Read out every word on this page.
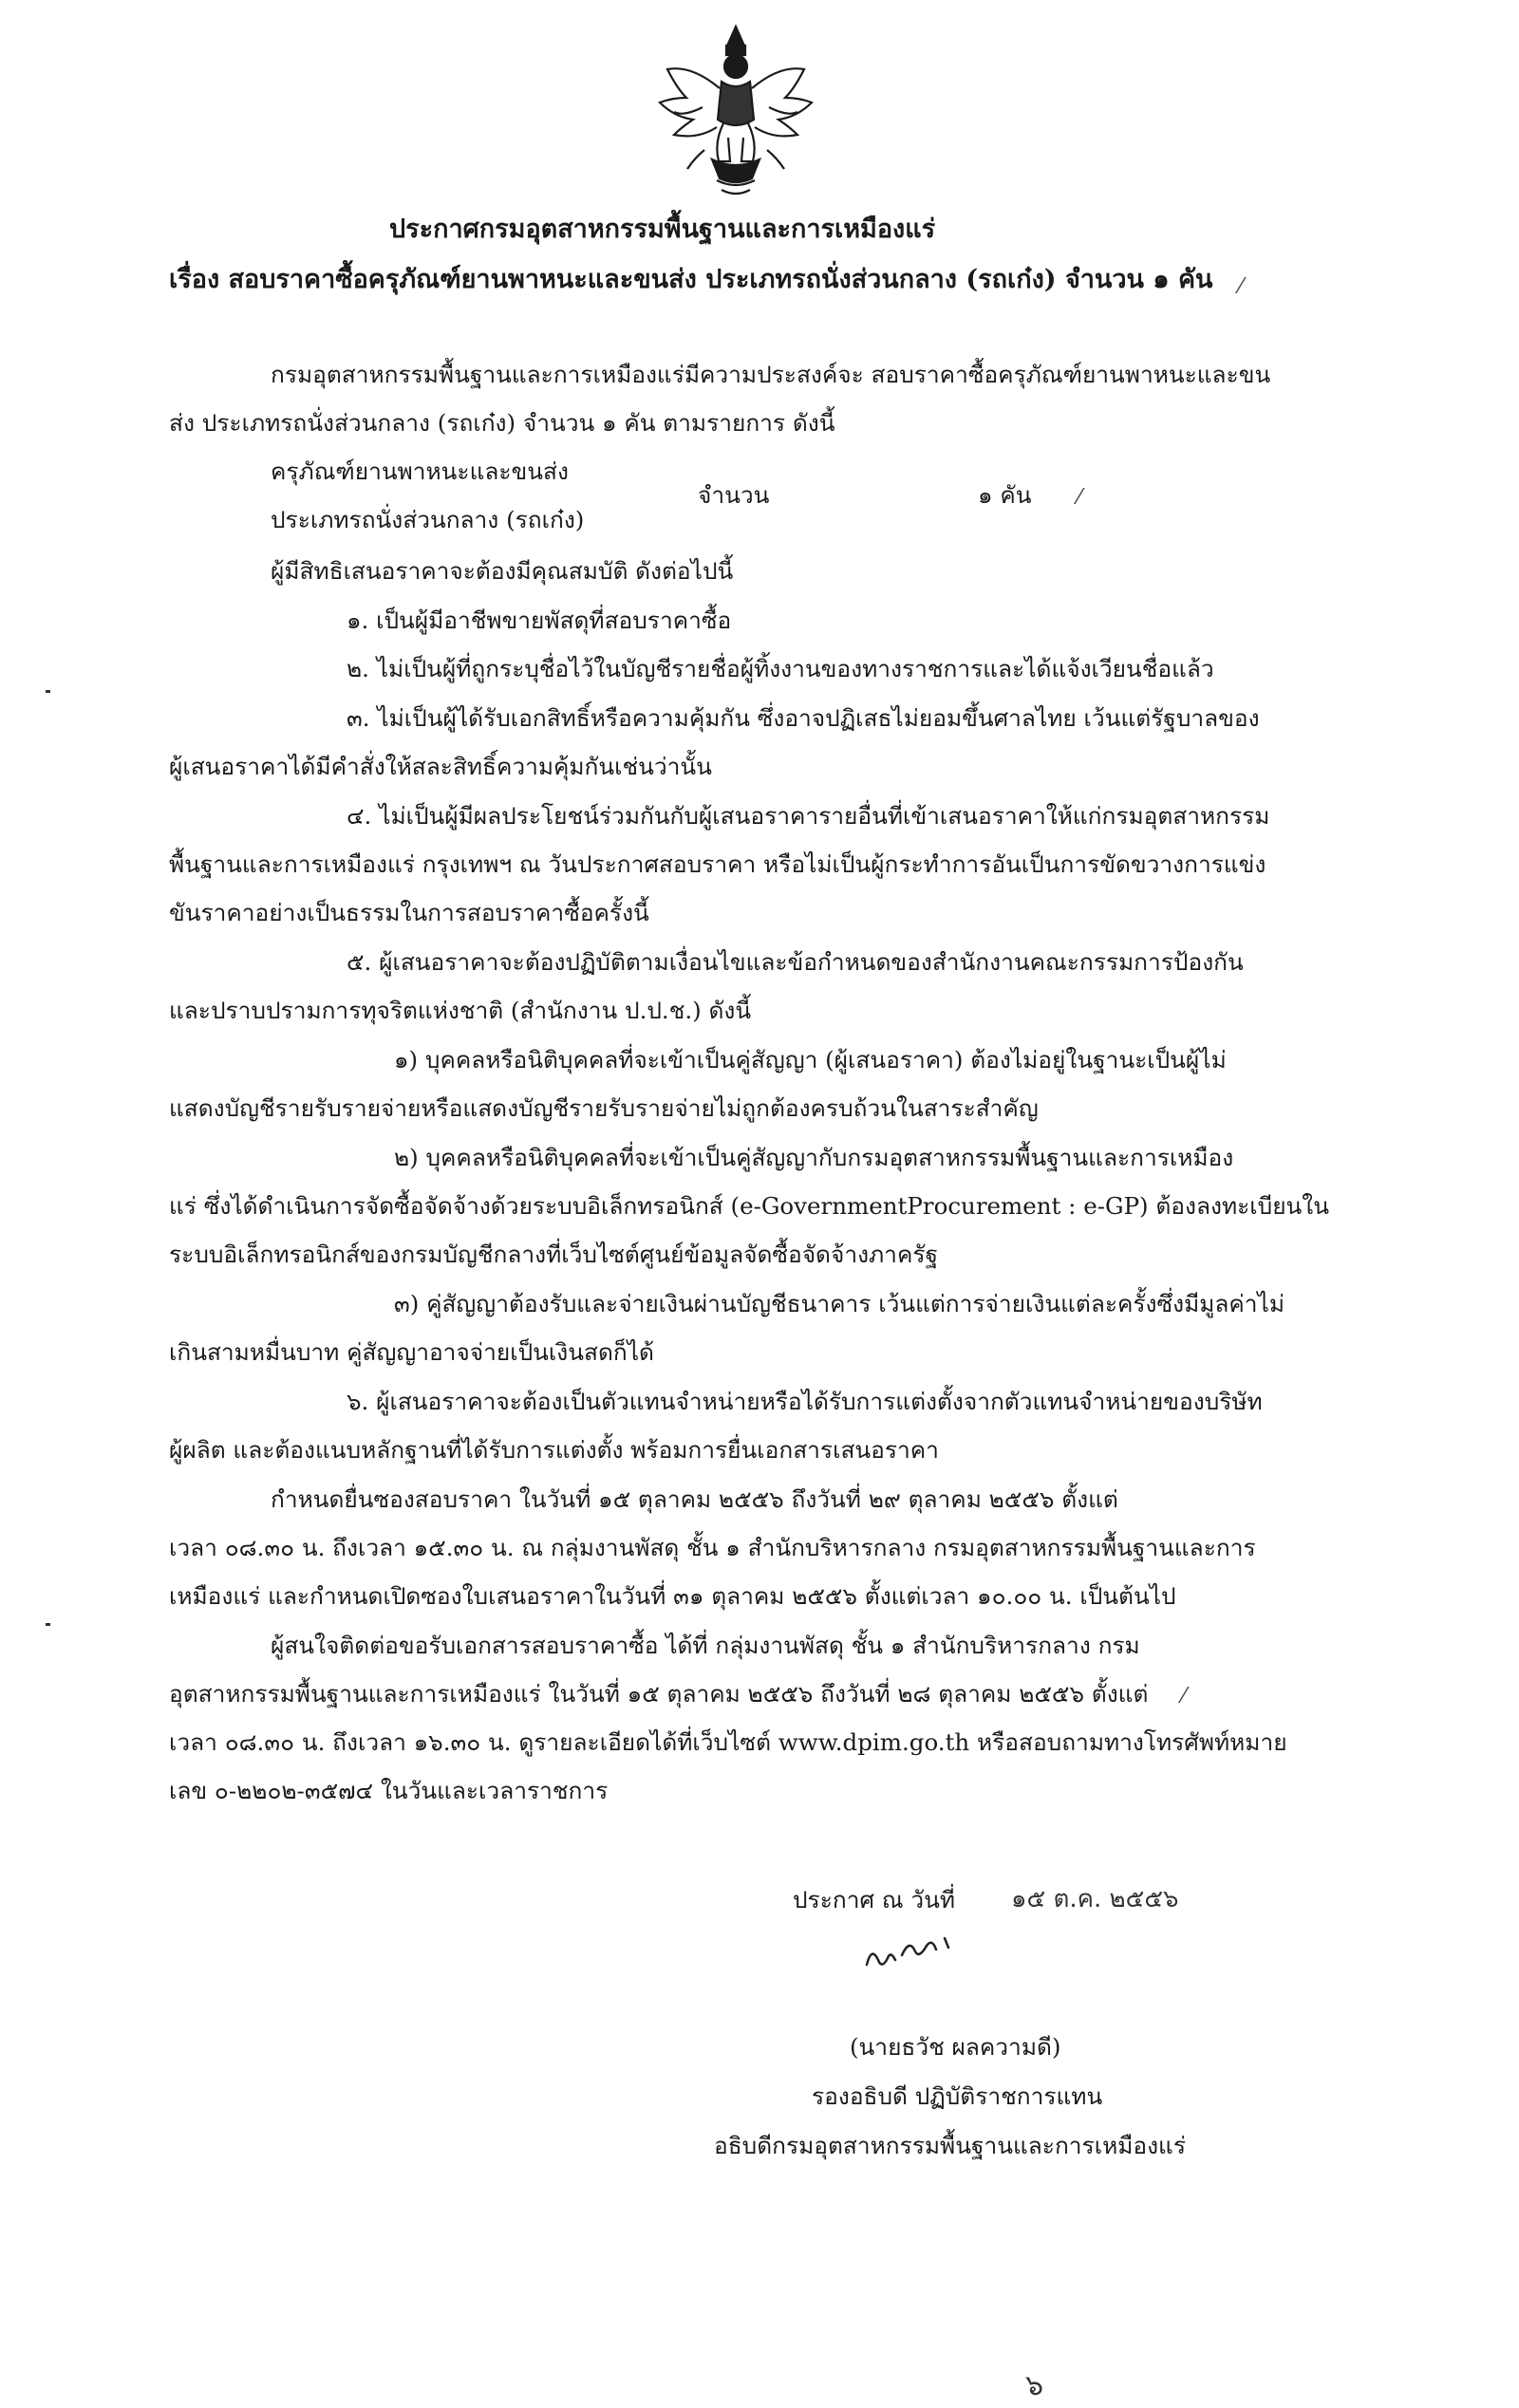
ประกาศกรมอุตสาหกรรมพื้นฐานและการเหมืองแร่
เรื่อง สอบราคาซื้อครุภัณฑ์ยานพาหนะและขนส่ง ประเภทรถนั่งส่วนกลาง (รถเก๋ง) จำนวน ๑ คัน ⁄
กรมอุตสาหกรรมพื้นฐานและการเหมืองแร่มีความประสงค์จะ สอบราคาซื้อครุภัณฑ์ยานพาหนะและขน
ส่ง ประเภทรถนั่งส่วนกลาง (รถเก๋ง) จำนวน ๑ คัน ตามรายการ ดังนี้
ครุภัณฑ์ยานพาหนะและขนส่ง
ประเภทรถนั่งส่วนกลาง (รถเก๋ง)
จำนวน	๑ คัน ⁄
ผู้มีสิทธิเสนอราคาจะต้องมีคุณสมบัติ ดังต่อไปนี้
๑. เป็นผู้มีอาชีพขายพัสดุที่สอบราคาซื้อ
๒. ไม่เป็นผู้ที่ถูกระบุชื่อไว้ในบัญชีรายชื่อผู้ทิ้งงานของทางราชการและได้แจ้งเวียนชื่อแล้ว
๓. ไม่เป็นผู้ได้รับเอกสิทธิ์หรือความคุ้มกัน ซึ่งอาจปฏิเสธไม่ยอมขึ้นศาลไทย เว้นแต่รัฐบาลของ
ผู้เสนอราคาได้มีคำสั่งให้สละสิทธิ์ความคุ้มกันเช่นว่านั้น
๔. ไม่เป็นผู้มีผลประโยชน์ร่วมกันกับผู้เสนอราคารายอื่นที่เข้าเสนอราคาให้แก่กรมอุตสาหกรรม
พื้นฐานและการเหมืองแร่ กรุงเทพฯ ณ วันประกาศสอบราคา หรือไม่เป็นผู้กระทำการอันเป็นการขัดขวางการแข่ง
ขันราคาอย่างเป็นธรรมในการสอบราคาซื้อครั้งนี้
๕. ผู้เสนอราคาจะต้องปฏิบัติตามเงื่อนไขและข้อกำหนดของสำนักงานคณะกรรมการป้องกัน
และปราบปรามการทุจริตแห่งชาติ (สำนักงาน ป.ป.ช.) ดังนี้
๑) บุคคลหรือนิติบุคคลที่จะเข้าเป็นคู่สัญญา (ผู้เสนอราคา) ต้องไม่อยู่ในฐานะเป็นผู้ไม่
แสดงบัญชีรายรับรายจ่ายหรือแสดงบัญชีรายรับรายจ่ายไม่ถูกต้องครบถ้วนในสาระสำคัญ
๒) บุคคลหรือนิติบุคคลที่จะเข้าเป็นคู่สัญญากับกรมอุตสาหกรรมพื้นฐานและการเหมือง
แร่ ซึ่งได้ดำเนินการจัดซื้อจัดจ้างด้วยระบบอิเล็กทรอนิกส์ (e-GovernmentProcurement : e-GP) ต้องลงทะเบียนใน
ระบบอิเล็กทรอนิกส์ของกรมบัญชีกลางที่เว็บไซต์ศูนย์ข้อมูลจัดซื้อจัดจ้างภาครัฐ
๓) คู่สัญญาต้องรับและจ่ายเงินผ่านบัญชีธนาคาร เว้นแต่การจ่ายเงินแต่ละครั้งซึ่งมีมูลค่าไม่
เกินสามหมื่นบาท คู่สัญญาอาจจ่ายเป็นเงินสดก็ได้
๖. ผู้เสนอราคาจะต้องเป็นตัวแทนจำหน่ายหรือได้รับการแต่งตั้งจากตัวแทนจำหน่ายของบริษัท
ผู้ผลิต และต้องแนบหลักฐานที่ได้รับการแต่งตั้ง พร้อมการยื่นเอกสารเสนอราคา
กำหนดยื่นซองสอบราคา ในวันที่ ๑๕ ตุลาคม ๒๕๕๖ ถึงวันที่ ๒๙ ตุลาคม ๒๕๕๖ ตั้งแต่
เวลา ๐๘.๓๐ น. ถึงเวลา ๑๕.๓๐ น. ณ กลุ่มงานพัสดุ ชั้น ๑ สำนักบริหารกลาง กรมอุตสาหกรรมพื้นฐานและการ
เหมืองแร่ และกำหนดเปิดซองใบเสนอราคาในวันที่ ๓๑ ตุลาคม ๒๕๕๖ ตั้งแต่เวลา ๑๐.๐๐ น. เป็นต้นไป
ผู้สนใจติดต่อขอรับเอกสารสอบราคาซื้อ ได้ที่ กลุ่มงานพัสดุ ชั้น ๑ สำนักบริหารกลาง กรม
อุตสาหกรรมพื้นฐานและการเหมืองแร่ ในวันที่ ๑๕ ตุลาคม ๒๕๕๖ ถึงวันที่ ๒๘ ตุลาคม ๒๕๕๖ ตั้งแต่ ⁄
เวลา ๐๘.๓๐ น. ถึงเวลา ๑๖.๓๐ น. ดูรายละเอียดได้ที่เว็บไซต์ www.dpim.go.th หรือสอบถามทางโทรศัพท์หมาย
เลข ๐-๒๒๐๒-๓๕๗๔ ในวันและเวลาราชการ
ประกาศ ณ วันที่ ๑๕ ต.ค. ๒๕๕๖
(นายธวัช ผลความดี)
รองอธิบดี ปฏิบัติราชการแทน
อธิบดีกรมอุตสาหกรรมพื้นฐานและการเหมืองแร่
๖
